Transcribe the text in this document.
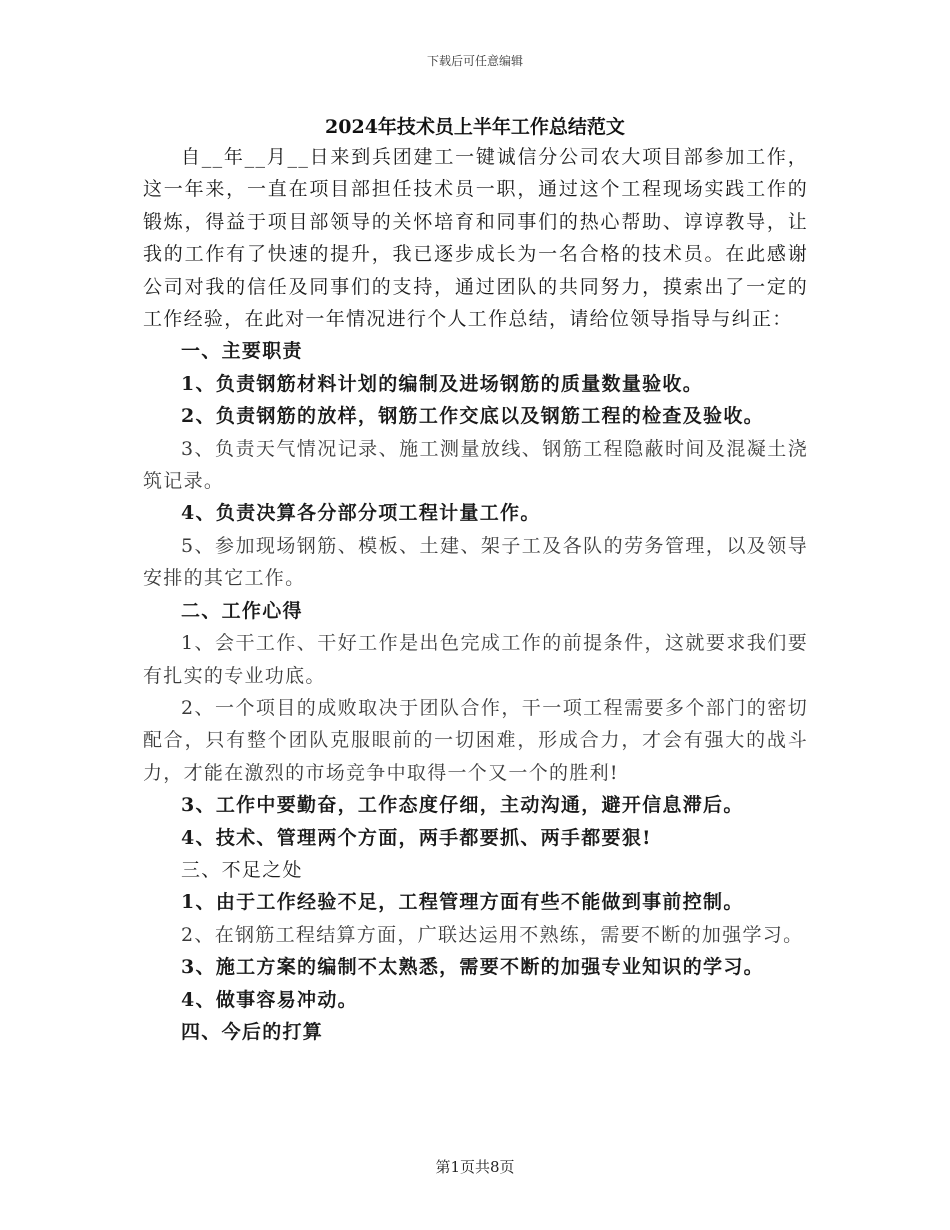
下载后可任意编辑
2024年技术员上半年工作总结范文

自__年__月__日来到兵团建工一键诚信分公司农大项目部参加工作，这一年来，一直在项目部担任技术员一职，通过这个工程现场实践工作的锻炼，得益于项目部领导的关怀培育和同事们的热心帮助、谆谆教导，让我的工作有了快速的提升，我已逐步成长为一名合格的技术员。在此感谢公司对我的信任及同事们的支持，通过团队的共同努力，摸索出了一定的工作经验，在此对一年情况进行个人工作总结，请给位领导指导与纠正：

一、主要职责

1、负责钢筋材料计划的编制及进场钢筋的质量数量验收。

2、负责钢筋的放样，钢筋工作交底以及钢筋工程的检查及验收。

3、负责天气情况记录、施工测量放线、钢筋工程隐蔽时间及混凝土浇筑记录。

4、负责决算各分部分项工程计量工作。

5、参加现场钢筋、模板、土建、架子工及各队的劳务管理，以及领导安排的其它工作。

二、工作心得

1、会干工作、干好工作是出色完成工作的前提条件，这就要求我们要有扎实的专业功底。

2、一个项目的成败取决于团队合作，干一项工程需要多个部门的密切配合，只有整个团队克服眼前的一切困难，形成合力，才会有强大的战斗力，才能在激烈的市场竞争中取得一个又一个的胜利!

3、工作中要勤奋，工作态度仔细，主动沟通，避开信息滞后。

4、技术、管理两个方面，两手都要抓、两手都要狠!

三、不足之处

1、由于工作经验不足，工程管理方面有些不能做到事前控制。

2、在钢筋工程结算方面，广联达运用不熟练，需要不断的加强学习。

3、施工方案的编制不太熟悉，需要不断的加强专业知识的学习。

4、做事容易冲动。

四、今后的打算

第1页共8页
